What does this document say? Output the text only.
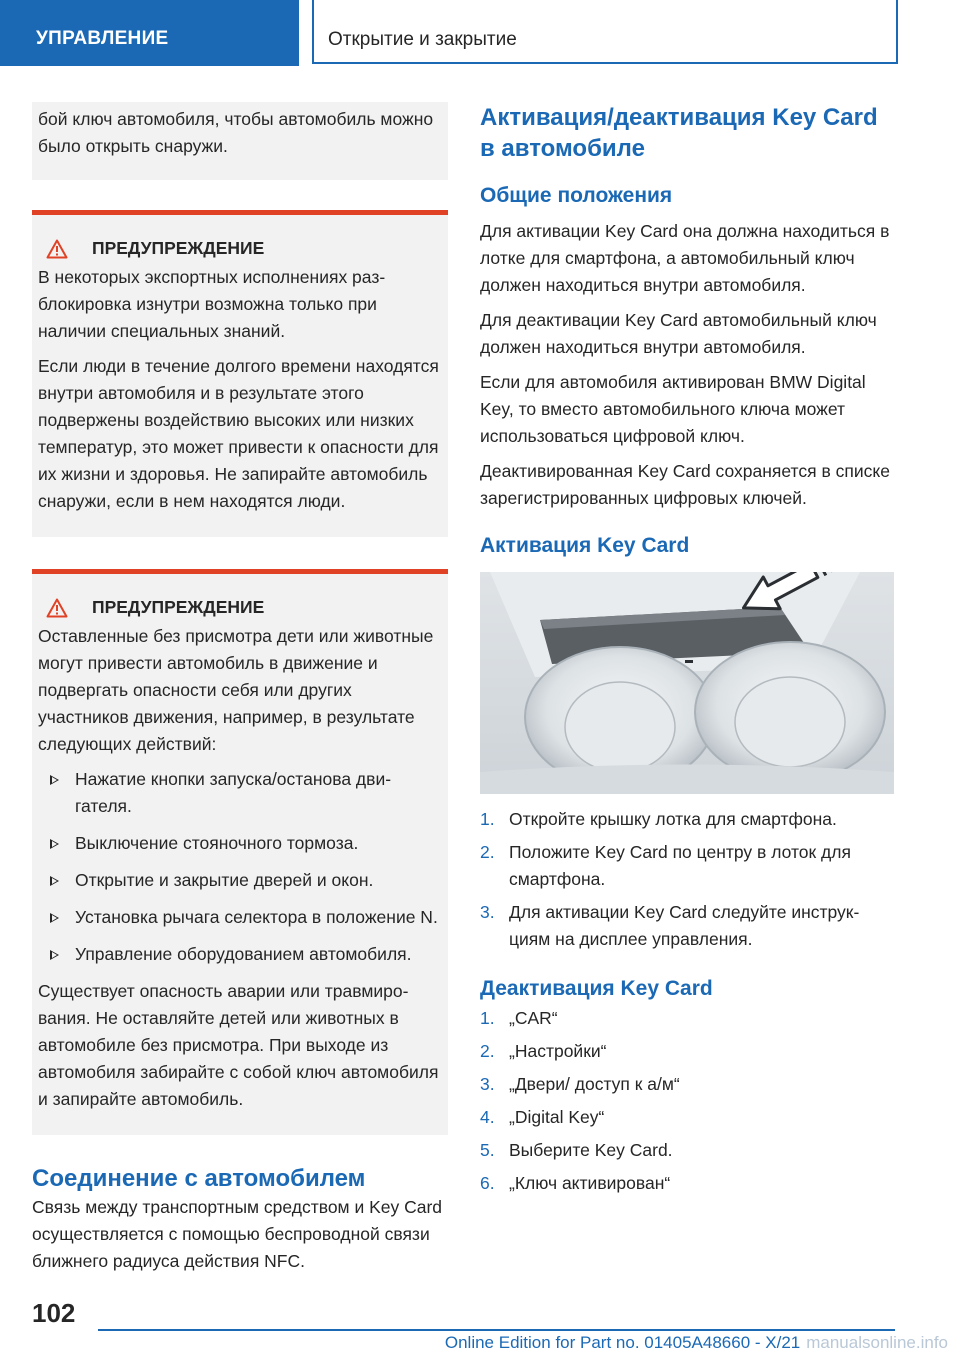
УПРАВЛЕНИЕ	Открытие и закрытие

бой ключ автомобиля, чтобы автомобиль можно было открыть снаружи.

ПРЕДУПРЕЖДЕНИЕ

В некоторых экспортных исполнениях разблокировка изнутри возможна только при наличии специальных знаний.

Если люди в течение долгого времени находятся внутри автомобиля и в результате этого подвержены воздействию высоких или низких температур, это может привести к опасности для их жизни и здоровья. Не запирайте автомобиль снаружи, если в нем находятся люди.

ПРЕДУПРЕЖДЕНИЕ

Оставленные без присмотра дети или животные могут привести автомобиль в движение и подвергать опасности себя или других участников движения, например, в результате следующих действий:

Нажатие кнопки запуска/останова двигателя.
Выключение стояночного тормоза.
Открытие и закрытие дверей и окон.
Установка рычага селектора в положение N.
Управление оборудованием автомобиля.

Существует опасность аварии или травмирования. Не оставляйте детей или животных в автомобиле без присмотра. При выходе из автомобиля забирайте с собой ключ автомобиля и запирайте автомобиль.

Соединение с автомобилем

Связь между транспортным средством и Key Card осуществляется с помощью беспроводной связи ближнего радиуса действия NFC.

Активация/деактивация Key Card в автомобиле
Общие положения

Для активации Key Card она должна находиться в лотке для смартфона, а автомобильный ключ должен находиться внутри автомобиля.

Для деактивации Key Card автомобильный ключ должен находиться внутри автомобиля.

Если для автомобиля активирован BMW Digital Key, то вместо автомобильного ключа может использоваться цифровой ключ.

Деактивированная Key Card сохраняется в списке зарегистрированных цифровых ключей.

Активация Key Card
1. Откройте крышку лотка для смартфона.
2. Положите Key Card по центру в лоток для смартфона.
3. Для активации Key Card следуйте инструкциям на дисплее управления.
Деактивация Key Card
1. „CAR“
2. „Настройки“
3. „Двери/ доступ к а/м“
4. „Digital Key“
5. Выберите Key Card.
6. „Ключ активирован“
102
Online Edition for Part no. 01405A48660 - X/21 manualsonline.info
